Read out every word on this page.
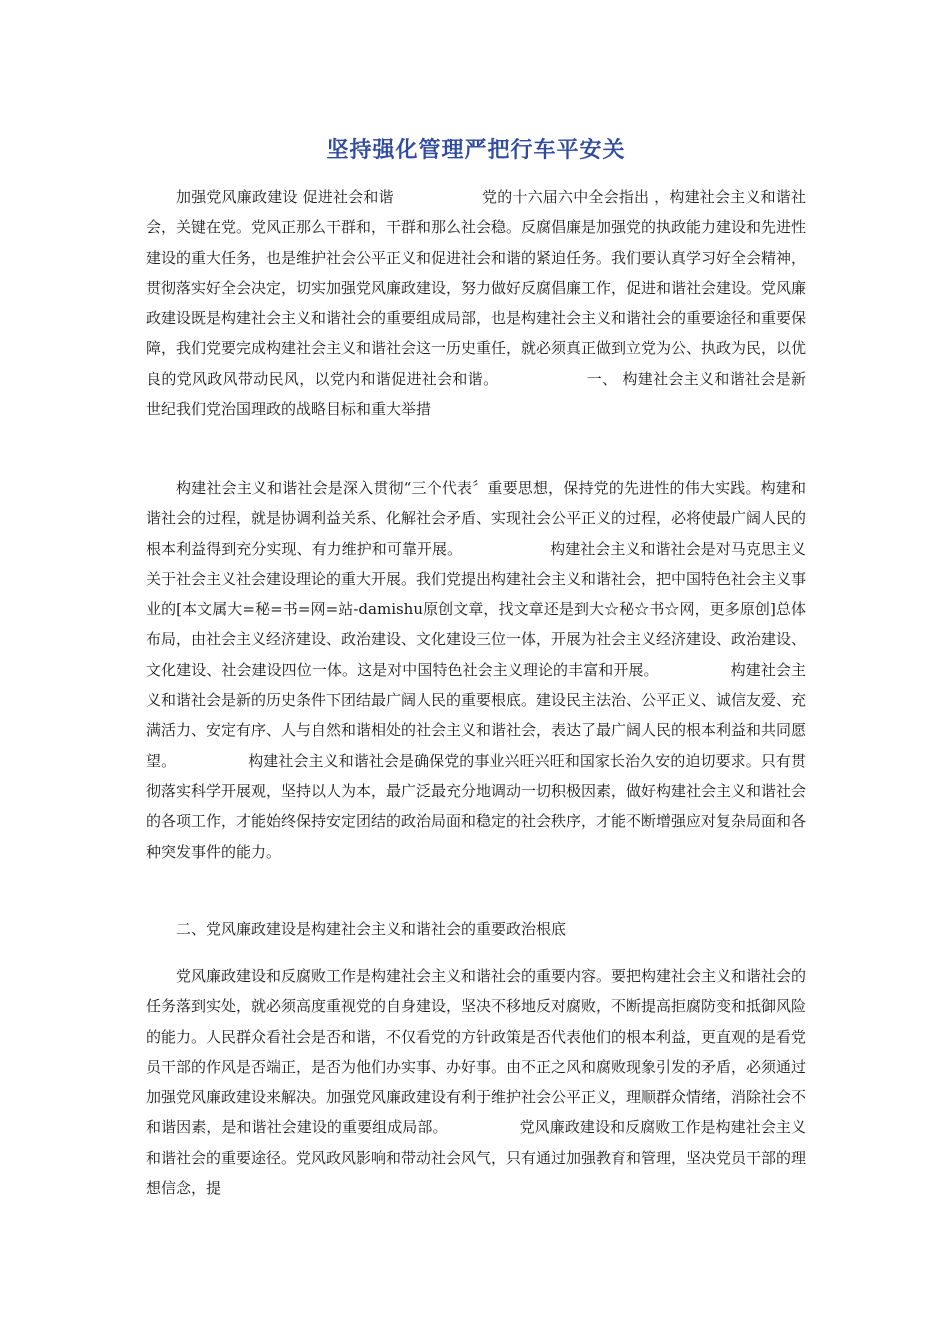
坚持强化管理严把行车平安关
加强党风廉政建设 促进社会和谐	党的十六届六中全会指出 ，构建社会主义和谐社会，关键在党。党风正那么干群和，干群和那么社会稳。反腐倡廉是加强党的执政能力建设和先进性建设的重大任务，也是维护社会公平正义和促进社会和谐的紧迫任务。我们要认真学习好全会精神，贯彻落实好全会决定，切实加强党风廉政建设，努力做好反腐倡廉工作，促进和谐社会建设。党风廉政建设既是构建社会主义和谐社会的重要组成局部，也是构建社会主义和谐社会的重要途径和重要保障，我们党要完成构建社会主义和谐社会这一历史重任，就必须真正做到立党为公、执政为民，以优良的党风政风带动民风，以党内和谐促进社会和谐。	一、 构建社会主义和谐社会是新世纪我们党治国理政的战略目标和重大举措
构建社会主义和谐社会是深入贯彻“三个代表〞重要思想，保持党的先进性的伟大实践。构建和谐社会的过程，就是协调利益关系、化解社会矛盾、实现社会公平正义的过程，必将使最广阔人民的根本利益得到充分实现、有力维护和可靠开展。	构建社会主义和谐社会是对马克思主义关于社会主义社会建设理论的重大开展。我们党提出构建社会主义和谐社会，把中国特色社会主义事业的[本文属大=秘=书=网=站-damishu原创文章，找文章还是到大☆秘☆书☆网，更多原创]总体布局，由社会主义经济建设、政治建设、文化建设三位一体，开展为社会主义经济建设、政治建设、文化建设、社会建设四位一体。这是对中国特色社会主义理论的丰富和开展。	构建社会主义和谐社会是新的历史条件下团结最广阔人民的重要根底。建设民主法治、公平正义、诚信友爱、充满活力、安定有序、人与自然和谐相处的社会主义和谐社会，表达了最广阔人民的根本利益和共同愿望。	构建社会主义和谐社会是确保党的事业兴旺兴旺和国家长治久安的迫切要求。只有贯彻落实科学开展观，坚持以人为本，最广泛最充分地调动一切积极因素，做好构建社会主义和谐社会的各项工作，才能始终保持安定团结的政治局面和稳定的社会秩序，才能不断增强应对复杂局面和各种突发事件的能力。
二、党风廉政建设是构建社会主义和谐社会的重要政治根底
党风廉政建设和反腐败工作是构建社会主义和谐社会的重要内容。要把构建社会主义和谐社会的任务落到实处，就必须高度重视党的自身建设，坚决不移地反对腐败，不断提高拒腐防变和抵御风险的能力。人民群众看社会是否和谐，不仅看党的方针政策是否代表他们的根本利益，更直观的是看党员干部的作风是否端正，是否为他们办实事、办好事。由不正之风和腐败现象引发的矛盾，必须通过加强党风廉政建设来解决。加强党风廉政建设有利于维护社会公平正义，理顺群众情绪，消除社会不和谐因素，是和谐社会建设的重要组成局部。	党风廉政建设和反腐败工作是构建社会主义和谐社会的重要途径。党风政风影响和带动社会风气，只有通过加强教育和管理，坚决党员干部的理想信念，提
